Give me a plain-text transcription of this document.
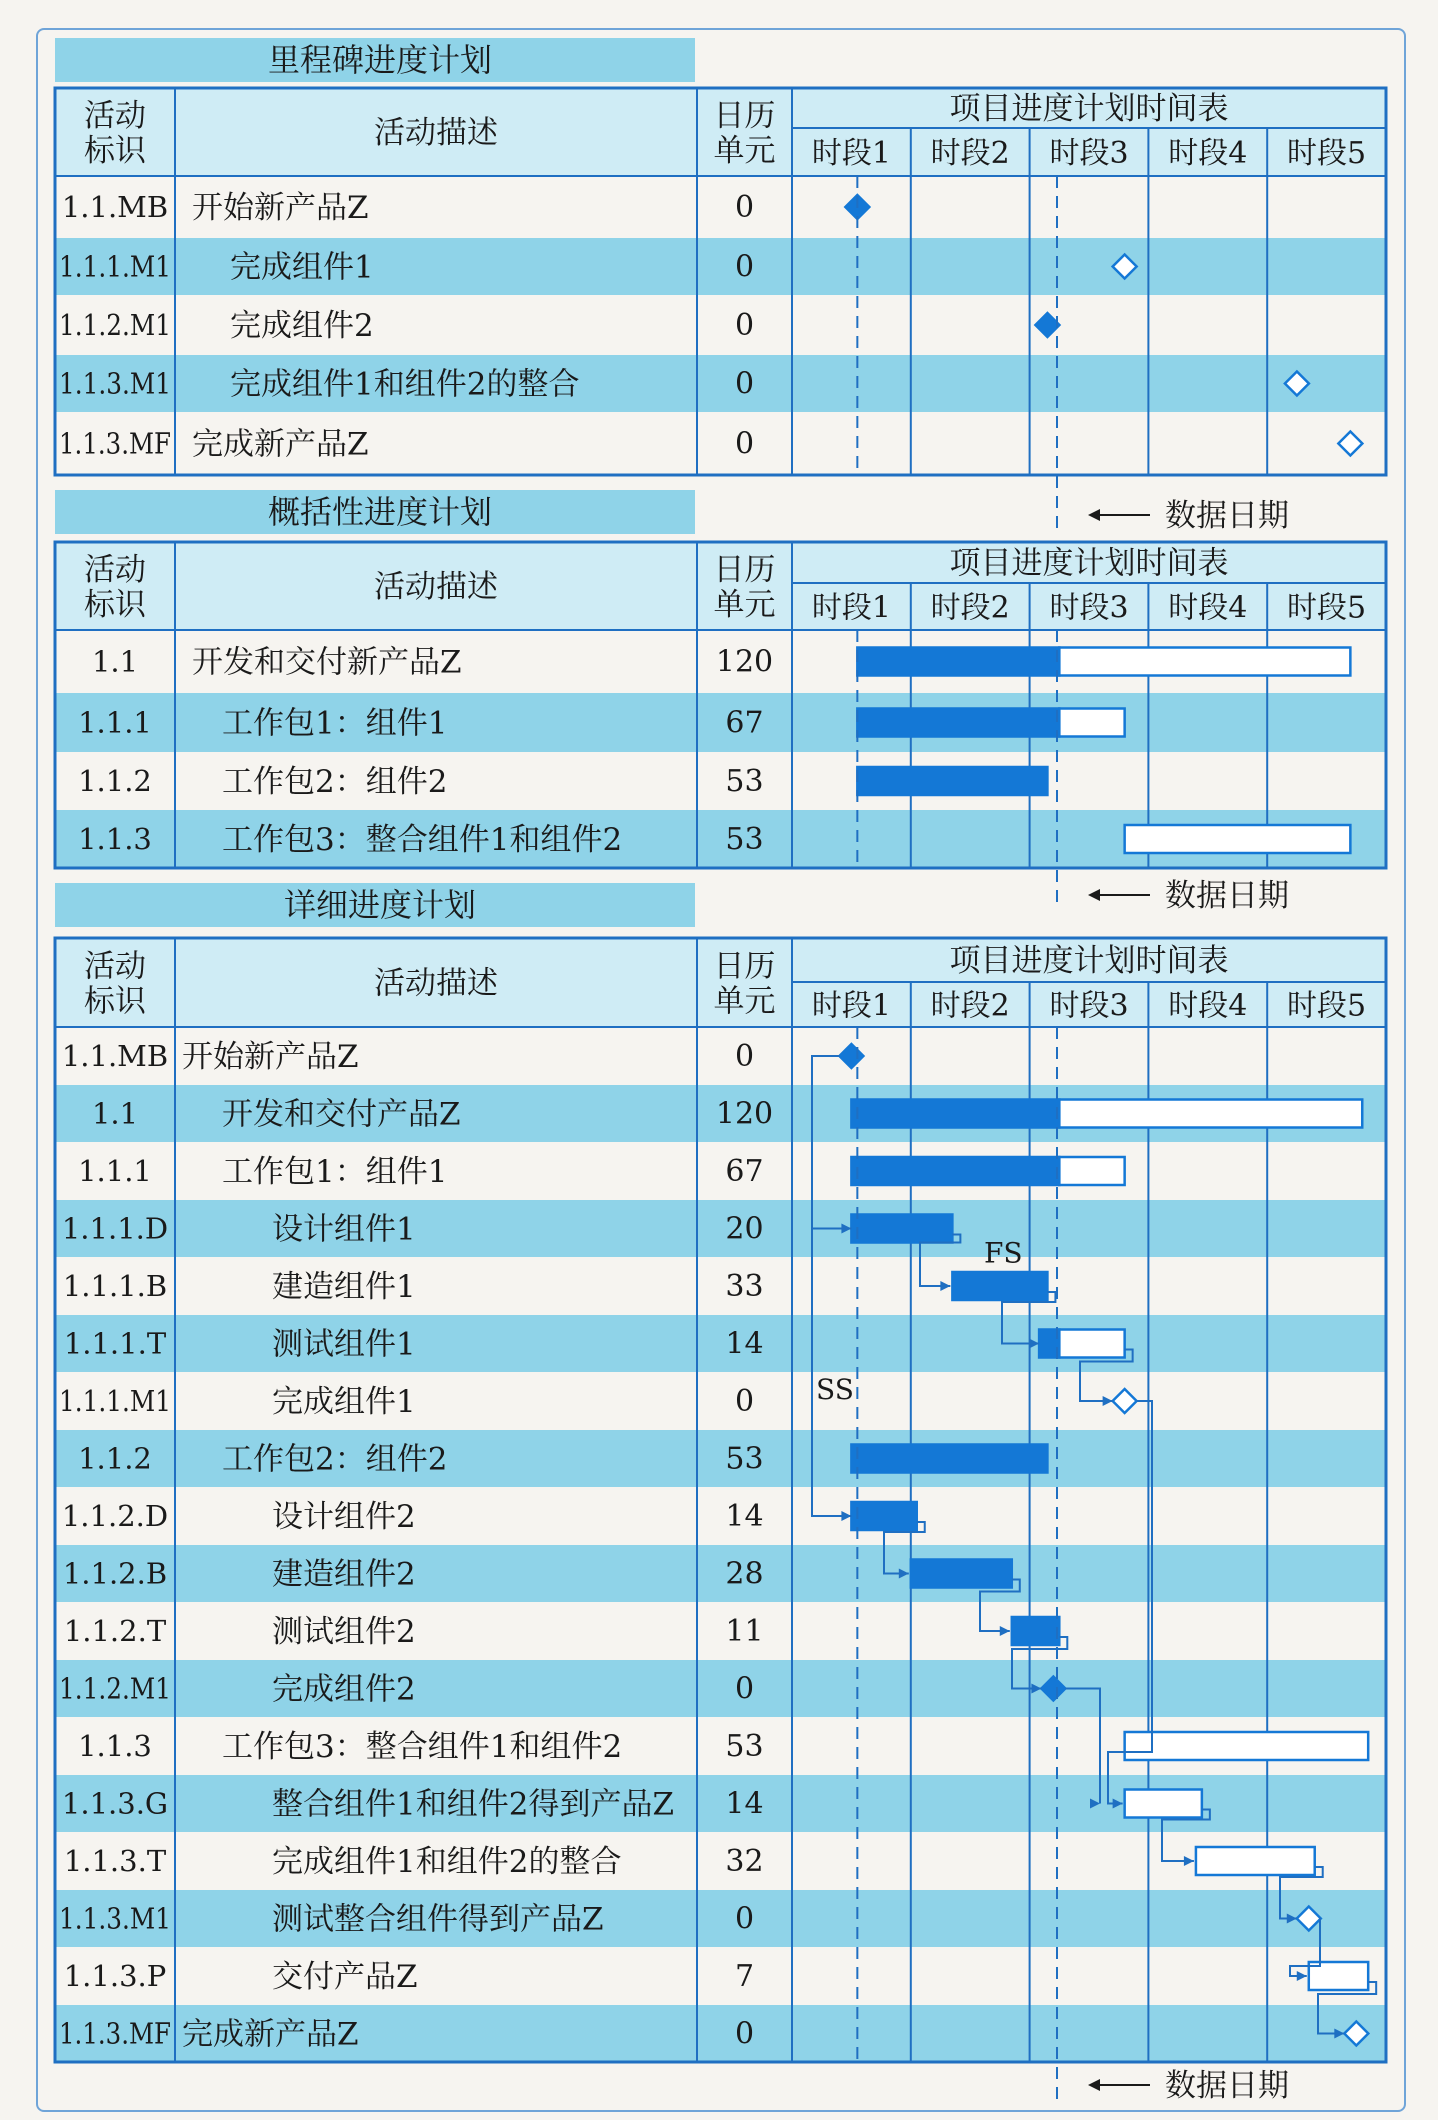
里程碑进度计划
活动
标识	活动描述	日历
单元
项目进度计划时间表
时段1 时段2 时段3 时段4 时段5
1.1.MB 开始新产品Z	0
1.1.1.M1 完成组件1	0
1.1.2.M1 完成组件2	0
1.1.3.M1 完成组件1和组件2的整合	0
1.1.3.MF 完成新产品Z	0
数据日期
概括性进度计划
活动
标识	活动描述	日历
单元
项目进度计划时间表
时段1 时段2 时段3 时段4 时段5
1.1 开发和交付新产品Z	120
1.1.1 工作包1：组件1	67
1.1.2 工作包2：组件2	53
1.1.3 工作包3：整合组件1和组件2	53
数据日期
详细进度计划
活动
标识	活动描述	日历
单元
项目进度计划时间表
时段1 时段2 时段3 时段4 时段5
1.1.MB 开始新产品Z	0
1.1	开发和交付产品Z	120
1.1.1 工作包1：组件1	67
1.1.1.D	设计组件1	20
1.1.1.B	建造组件1	33
1.1.1.T	测试组件1	14
1.1.1.M1	完成组件1	0
1.1.2 工作包2：组件2	53
1.1.2.D	设计组件2	14
1.1.2.B	建造组件2	28
1.1.2.T	测试组件2	11
1.1.2.M1	完成组件2	0
1.1.3 工作包3：整合组件1和组件2	53
1.1.3.G	整合组件1和组件2得到产品Z 14
1.1.3.T	完成组件1和组件2的整合	32
1.1.3.M1	测试整合组件得到产品Z	0
1.1.3.P	交付产品Z	7
1.1.3.MF 完成新产品Z	0
数据日期
FS
SS
